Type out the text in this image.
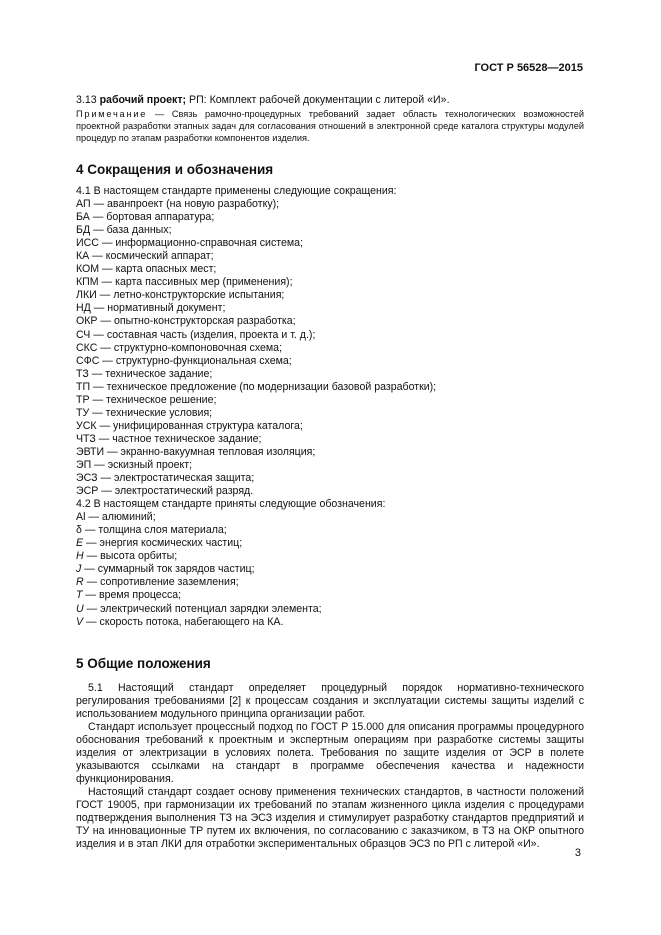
ГОСТ Р 56528—2015

3.13 рабочий проект; РП: Комплект рабочей документации с литерой «И».

Примечание — Связь рамочно-процедурных требований задает область технологических возможностей проектной разработки этапных задач для согласования отношений в электронной среде каталога структуры модулей процедур по этапам разработки компонентов изделия.

4 Сокращения и обозначения

4.1 В настоящем стандарте применены следующие сокращения:

АП — аванпроект (на новую разработку);

БА — бортовая аппаратура;

БД — база данных;

ИСС — информационно-справочная система;

КА — космический аппарат;

КОМ — карта опасных мест;

КПМ — карта пассивных мер (применения);

ЛКИ — летно-конструкторские испытания;

НД — нормативный документ;

ОКР — опытно-конструкторская разработка;

СЧ — составная часть (изделия, проекта и т. д.);

СКС — структурно-компоновочная схема;

СФС — структурно-функциональная схема;

ТЗ — техническое задание;

ТП — техническое предложение (по модернизации базовой разработки);

ТР — техническое решение;

ТУ — технические условия;

УСК — унифицированная структура каталога;

ЧТЗ — частное техническое задание;

ЭВТИ — экранно-вакуумная тепловая изоляция;

ЭП — эскизный проект;

ЭСЗ — электростатическая защита;

ЭСР — электростатический разряд.

4.2 В настоящем стандарте приняты следующие обозначения:

Al — алюминий;

δ — толщина слоя материала;

E — энергия космических частиц;

H — высота орбиты;

J — суммарный ток зарядов частиц;

R — сопротивление заземления;

T — время процесса;

U — электрический потенциал зарядки элемента;

V — скорость потока, набегающего на КА.

5 Общие положения

5.1 Настоящий стандарт определяет процедурный порядок нормативно-технического регулирования требованиями [2] к процессам создания и эксплуатации системы защиты изделий с использованием модульного принципа организации работ.

Стандарт использует процессный подход по ГОСТ Р 15.000 для описания программы процедурного обоснования требований к проектным и экспертным операциям при разработке системы защиты изделия от электризации в условиях полета. Требования по защите изделия от ЭСР в полете указываются ссылками на стандарт в программе обеспечения качества и надежности функционирования.

Настоящий стандарт создает основу применения технических стандартов, в частности положений ГОСТ 19005, при гармонизации их требований по этапам жизненного цикла изделия с процедурами подтверждения выполнения ТЗ на ЭСЗ изделия и стимулирует разработку стандартов предприятий и ТУ на инновационные ТР путем их включения, по согласованию с заказчиком, в ТЗ на ОКР опытного изделия и в этап ЛКИ для отработки экспериментальных образцов ЭСЗ по РП с литерой «И».

3
